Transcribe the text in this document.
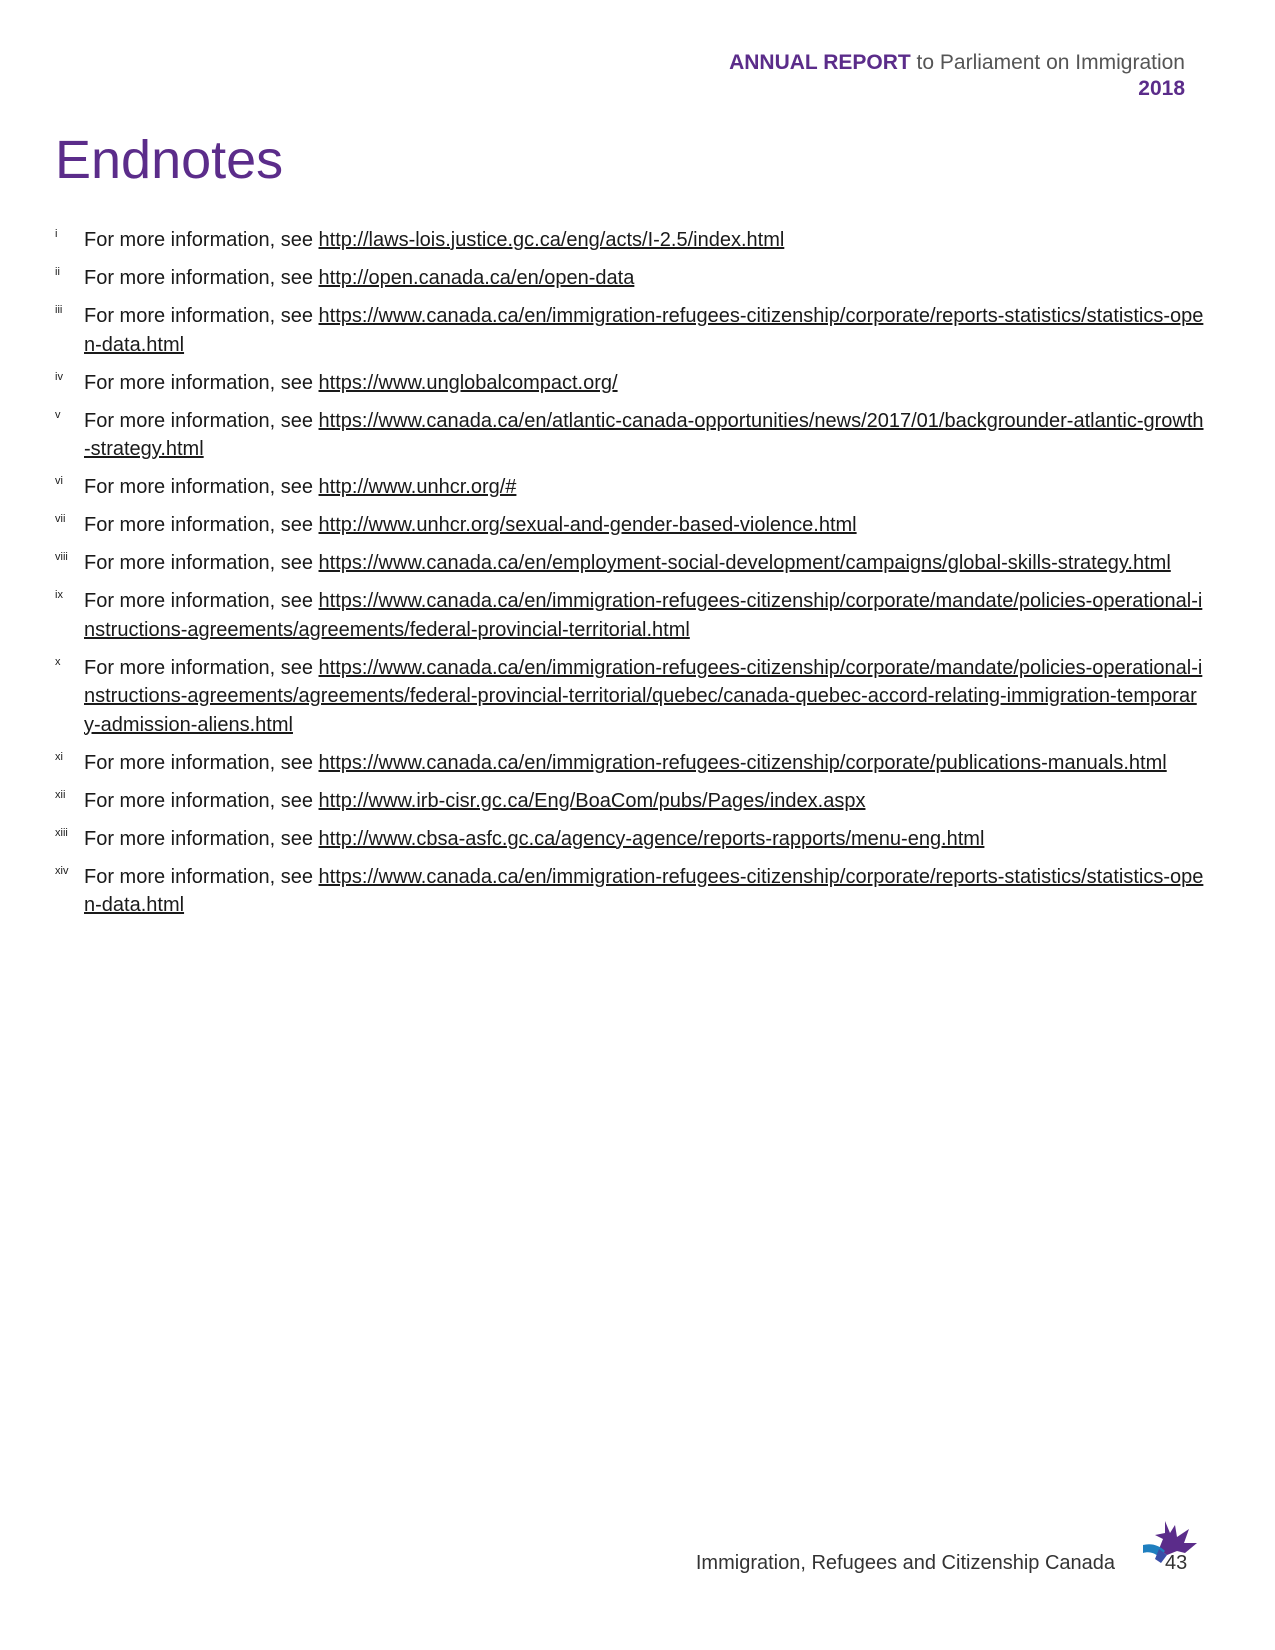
ANNUAL REPORT to Parliament on Immigration
2018
Endnotes
i For more information, see http://laws-lois.justice.gc.ca/eng/acts/I-2.5/index.html
ii For more information, see http://open.canada.ca/en/open-data
iii For more information, see https://www.canada.ca/en/immigration-refugees-citizenship/corporate/reports-statistics/statistics-open-data.html
iv For more information, see https://www.unglobalcompact.org/
v For more information, see https://www.canada.ca/en/atlantic-canada-opportunities/news/2017/01/backgrounder-atlantic-growth-strategy.html
vi For more information, see http://www.unhcr.org/#
vii For more information, see http://www.unhcr.org/sexual-and-gender-based-violence.html
viii For more information, see https://www.canada.ca/en/employment-social-development/campaigns/global-skills-strategy.html
ix For more information, see https://www.canada.ca/en/immigration-refugees-citizenship/corporate/mandate/policies-operational-instructions-agreements/agreements/federal-provincial-territorial.html
x For more information, see https://www.canada.ca/en/immigration-refugees-citizenship/corporate/mandate/policies-operational-instructions-agreements/agreements/federal-provincial-territorial/quebec/canada-quebec-accord-relating-immigration-temporary-admission-aliens.html
xi For more information, see https://www.canada.ca/en/immigration-refugees-citizenship/corporate/publications-manuals.html
xii For more information, see http://www.irb-cisr.gc.ca/Eng/BoaCom/pubs/Pages/index.aspx
xiii For more information, see http://www.cbsa-asfc.gc.ca/agency-agence/reports-rapports/menu-eng.html
xiv For more information, see https://www.canada.ca/en/immigration-refugees-citizenship/corporate/reports-statistics/statistics-open-data.html
Immigration, Refugees and Citizenship Canada	43
